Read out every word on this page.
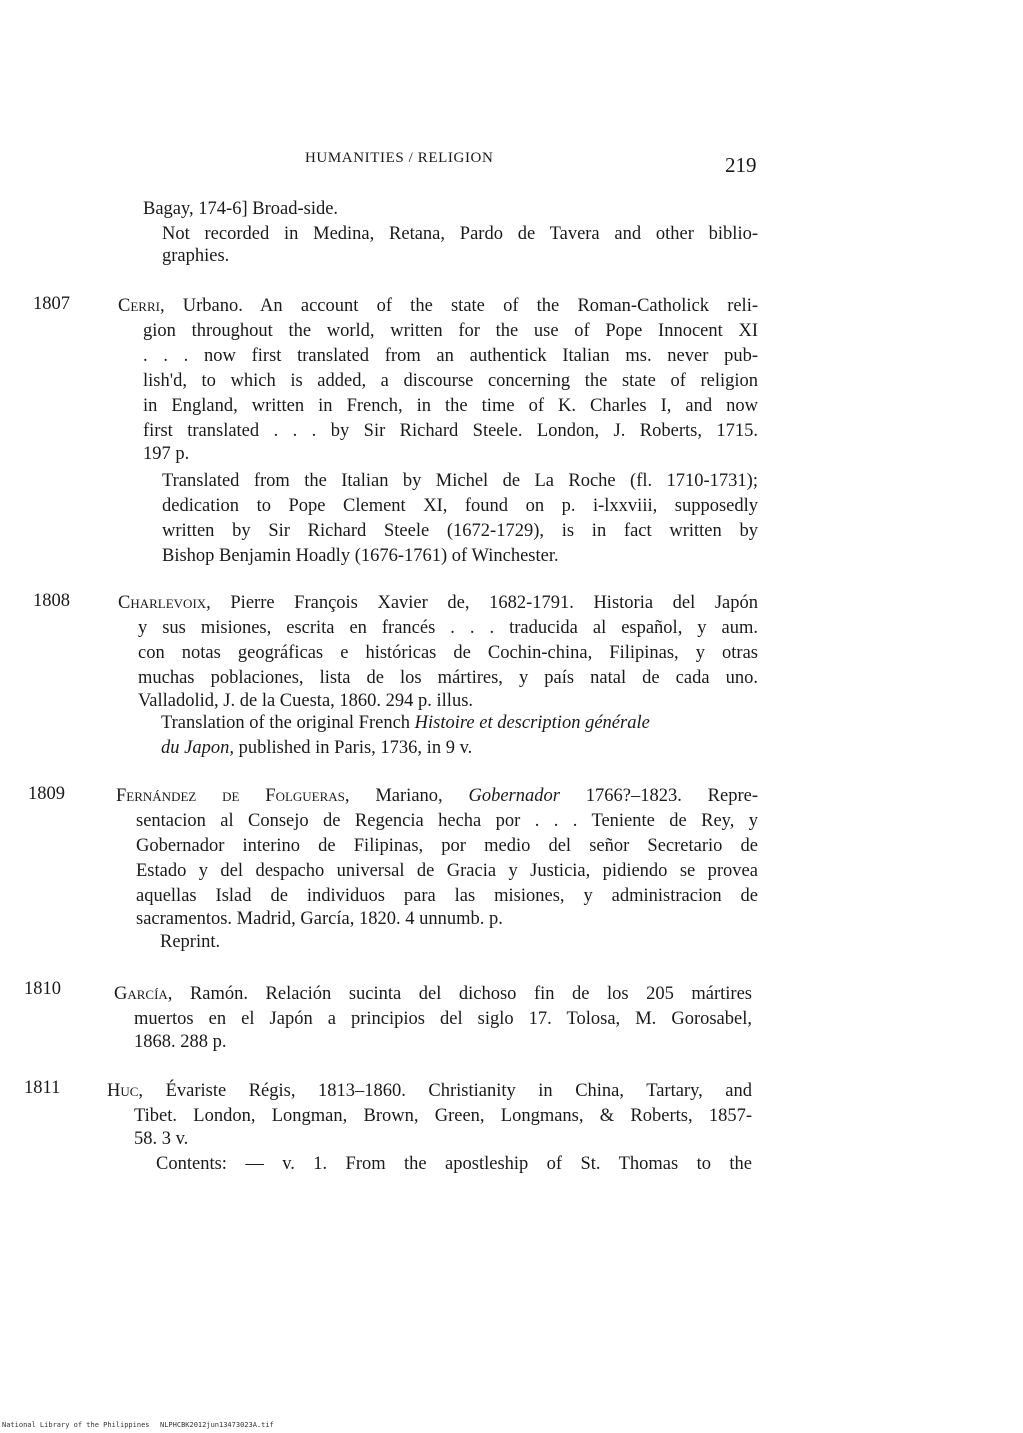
HUMANITIES / RELIGION	219
Bagay, 174-6] Broad-side.
Not recorded in Medina, Retana, Pardo de Tavera and other biblio-
graphies.
1807	Cerri, Urbano. An account of the state of the Roman-Catholick reli-
gion throughout the world, written for the use of Pope Innocent XI
. . . now first translated from an authentick Italian ms. never pub-
lish'd, to which is added, a discourse concerning the state of religion
in England, written in French, in the time of K. Charles I, and now
first translated . . . by Sir Richard Steele. London, J. Roberts, 1715.
197 p.
Translated from the Italian by Michel de La Roche (fl. 1710-1731);
dedication to Pope Clement XI, found on p. i-lxxviii, supposedly
written by Sir Richard Steele (1672-1729), is in fact written by
Bishop Benjamin Hoadly (1676-1761) of Winchester.
1808	Charlevoix, Pierre François Xavier de, 1682-1791. Historia del Japón
y sus misiones, escrita en francés . . . traducida al español, y aum.
con notas geográficas e históricas de Cochin-china, Filipinas, y otras
muchas poblaciones, lista de los mártires, y país natal de cada uno.
Valladolid, J. de la Cuesta, 1860. 294 p. illus.
Translation of the original French Histoire et description générale
du Japon, published in Paris, 1736, in 9 v.
1809	Fernández de Folgueras, Mariano, Gobernador 1766?–1823. Repre-
sentacion al Consejo de Regencia hecha por . . . Teniente de Rey, y
Gobernador interino de Filipinas, por medio del señor Secretario de
Estado y del despacho universal de Gracia y Justicia, pidiendo se provea
aquellas Islad de individuos para las misiones, y administracion de
sacramentos. Madrid, García, 1820. 4 unnumb. p.
Reprint.
1810	García, Ramón. Relación sucinta del dichoso fin de los 205 mártires
muertos en el Japón a principios del siglo 17. Tolosa, M. Gorosabel,
1868. 288 p.
1811	Huc, Évariste Régis, 1813–1860. Christianity in China, Tartary, and
Tibet. London, Longman, Brown, Green, Longmans, & Roberts, 1857-
58. 3 v.
Contents: — v. 1. From the apostleship of St. Thomas to the
National Library of the Philippines NLPHCBK2012jun13473023A.tif
